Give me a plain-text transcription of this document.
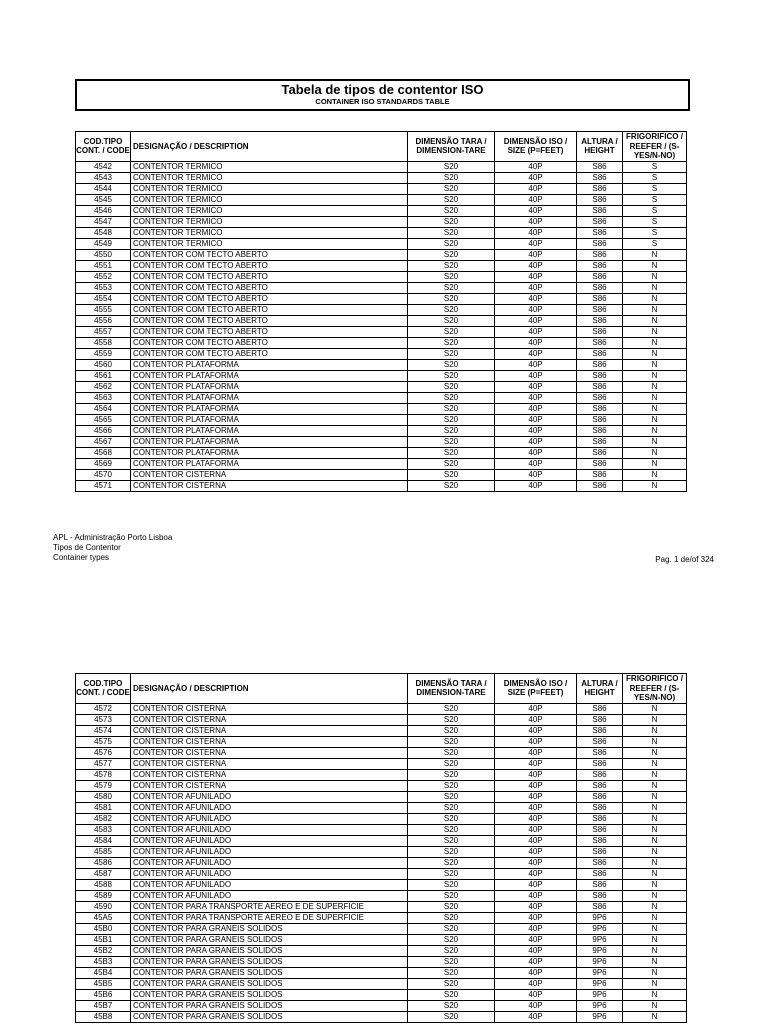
Tabela de tipos de contentor ISO
CONTAINER ISO STANDARDS TABLE
COD.TIPO CONT. / CODE	DESIGNAÇÃO / DESCRIPTION	DIMENSÃO TARA / DIMENSION-TARE	DIMENSÃO ISO / SIZE (P=FEET)	ALTURA / HEIGHT	FRIGORIFICO / REEFER / (S-YES/N-NO)
4542	CONTENTOR TERMICO	S20	40P	S86	S
4543	CONTENTOR TERMICO	S20	40P	S86	S
4544	CONTENTOR TERMICO	S20	40P	S86	S
4545	CONTENTOR TERMICO	S20	40P	S86	S
4546	CONTENTOR TERMICO	S20	40P	S86	S
4547	CONTENTOR TERMICO	S20	40P	S86	S
4548	CONTENTOR TERMICO	S20	40P	S86	S
4549	CONTENTOR TERMICO	S20	40P	S86	S
4550	CONTENTOR COM TECTO ABERTO	S20	40P	S86	N
4551	CONTENTOR COM TECTO ABERTO	S20	40P	S86	N
4552	CONTENTOR COM TECTO ABERTO	S20	40P	S86	N
4553	CONTENTOR COM TECTO ABERTO	S20	40P	S86	N
4554	CONTENTOR COM TECTO ABERTO	S20	40P	S86	N
4555	CONTENTOR COM TECTO ABERTO	S20	40P	S86	N
4556	CONTENTOR COM TECTO ABERTO	S20	40P	S86	N
4557	CONTENTOR COM TECTO ABERTO	S20	40P	S86	N
4558	CONTENTOR COM TECTO ABERTO	S20	40P	S86	N
4559	CONTENTOR COM TECTO ABERTO	S20	40P	S86	N
4560	CONTENTOR PLATAFORMA	S20	40P	S86	N
4561	CONTENTOR PLATAFORMA	S20	40P	S86	N
4562	CONTENTOR PLATAFORMA	S20	40P	S86	N
4563	CONTENTOR PLATAFORMA	S20	40P	S86	N
4564	CONTENTOR PLATAFORMA	S20	40P	S86	N
4565	CONTENTOR PLATAFORMA	S20	40P	S86	N
4566	CONTENTOR PLATAFORMA	S20	40P	S86	N
4567	CONTENTOR PLATAFORMA	S20	40P	S86	N
4568	CONTENTOR PLATAFORMA	S20	40P	S86	N
4569	CONTENTOR PLATAFORMA	S20	40P	S86	N
4570	CONTENTOR CISTERNA	S20	40P	S86	N
4571	CONTENTOR CISTERNA	S20	40P	S86	N
APL - Administração Porto Lisboa
Tipos de Contentor
Container types	Pag. 1 de/of 324
COD.TIPO CONT. / CODE	DESIGNAÇÃO / DESCRIPTION	DIMENSÃO TARA / DIMENSION-TARE	DIMENSÃO ISO / SIZE (P=FEET)	ALTURA / HEIGHT	FRIGORIFICO / REEFER / (S-YES/N-NO)
4572	CONTENTOR CISTERNA	S20	40P	S86	N
4573	CONTENTOR CISTERNA	S20	40P	S86	N
4574	CONTENTOR CISTERNA	S20	40P	S86	N
4575	CONTENTOR CISTERNA	S20	40P	S86	N
4576	CONTENTOR CISTERNA	S20	40P	S86	N
4577	CONTENTOR CISTERNA	S20	40P	S86	N
4578	CONTENTOR CISTERNA	S20	40P	S86	N
4579	CONTENTOR CISTERNA	S20	40P	S86	N
4580	CONTENTOR AFUNILADO	S20	40P	S86	N
4581	CONTENTOR AFUNILADO	S20	40P	S86	N
4582	CONTENTOR AFUNILADO	S20	40P	S86	N
4583	CONTENTOR AFUNILADO	S20	40P	S86	N
4584	CONTENTOR AFUNILADO	S20	40P	S86	N
4585	CONTENTOR AFUNILADO	S20	40P	S86	N
4586	CONTENTOR AFUNILADO	S20	40P	S86	N
4587	CONTENTOR AFUNILADO	S20	40P	S86	N
4588	CONTENTOR AFUNILADO	S20	40P	S86	N
4589	CONTENTOR AFUNILADO	S20	40P	S86	N
4590	CONTENTOR PARA TRANSPORTE AEREO E DE SUPERFICIE	S20	40P	S86	N
45A5	CONTENTOR PARA TRANSPORTE AEREO E DE SUPERFICIE	S20	40P	9P6	N
45B0	CONTENTOR PARA GRANEIS SOLIDOS	S20	40P	9P6	N
45B1	CONTENTOR PARA GRANEIS SOLIDOS	S20	40P	9P6	N
45B2	CONTENTOR PARA GRANEIS SOLIDOS	S20	40P	9P6	N
45B3	CONTENTOR PARA GRANEIS SOLIDOS	S20	40P	9P6	N
45B4	CONTENTOR PARA GRANEIS SOLIDOS	S20	40P	9P6	N
45B5	CONTENTOR PARA GRANEIS SOLIDOS	S20	40P	9P6	N
45B6	CONTENTOR PARA GRANEIS SOLIDOS	S20	40P	9P6	N
45B7	CONTENTOR PARA GRANEIS SOLIDOS	S20	40P	9P6	N
45B8	CONTENTOR PARA GRANEIS SOLIDOS	S20	40P	9P6	N
